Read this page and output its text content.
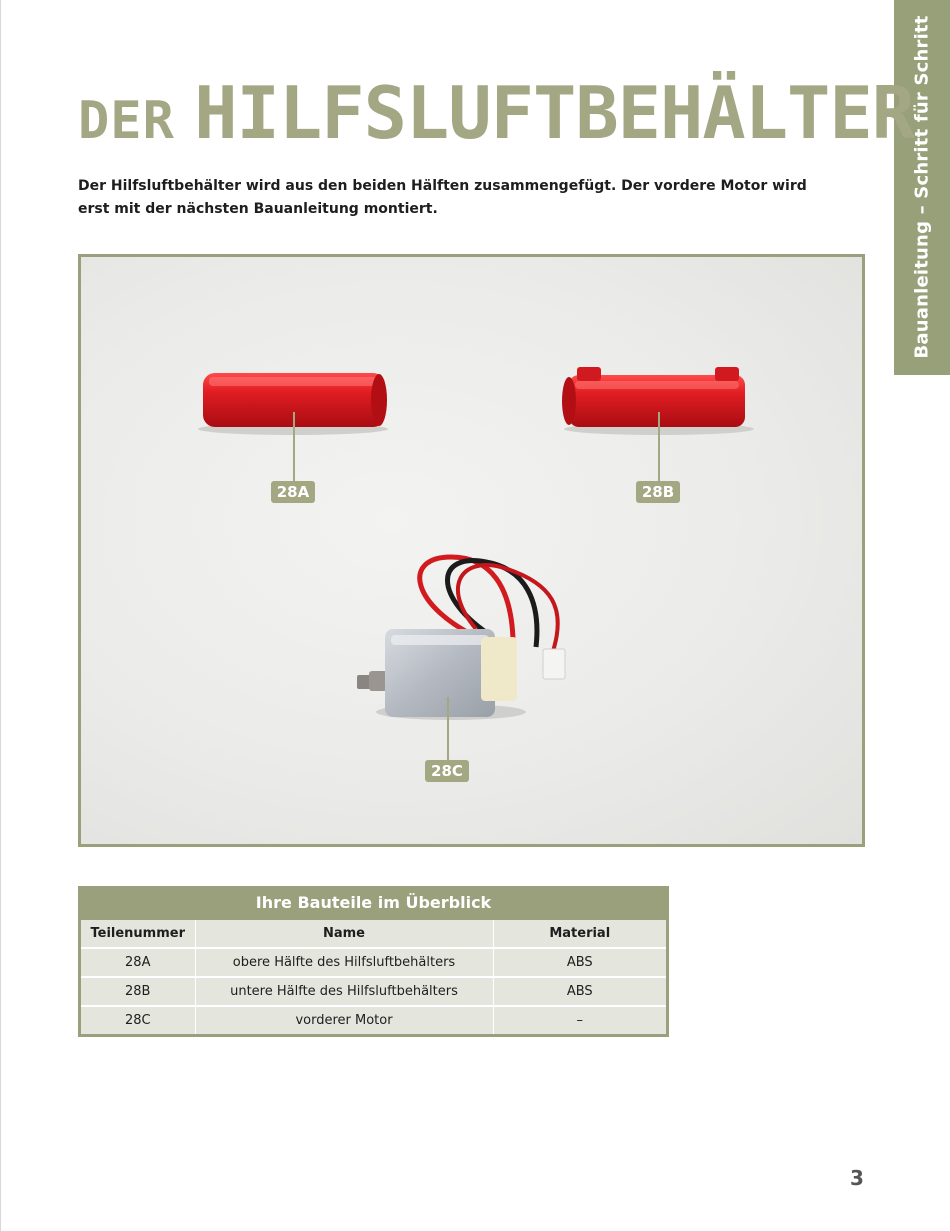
Bauanleitung – Schritt für Schritt
DER HILFSLUFTBEHÄLTER

Der Hilfsluftbehälter wird aus den beiden Hälften zusammengefügt. Der vordere Motor wird erst mit der nächsten Bauanleitung montiert.

28A	28B
28C
Ihre Bauteile im Überblick
Teilenummer	Name	Material
28A	obere Hälfte des Hilfsluftbehälters	ABS
28B	untere Hälfte des Hilfsluftbehälters	ABS
28C	vorderer Motor	–
3
